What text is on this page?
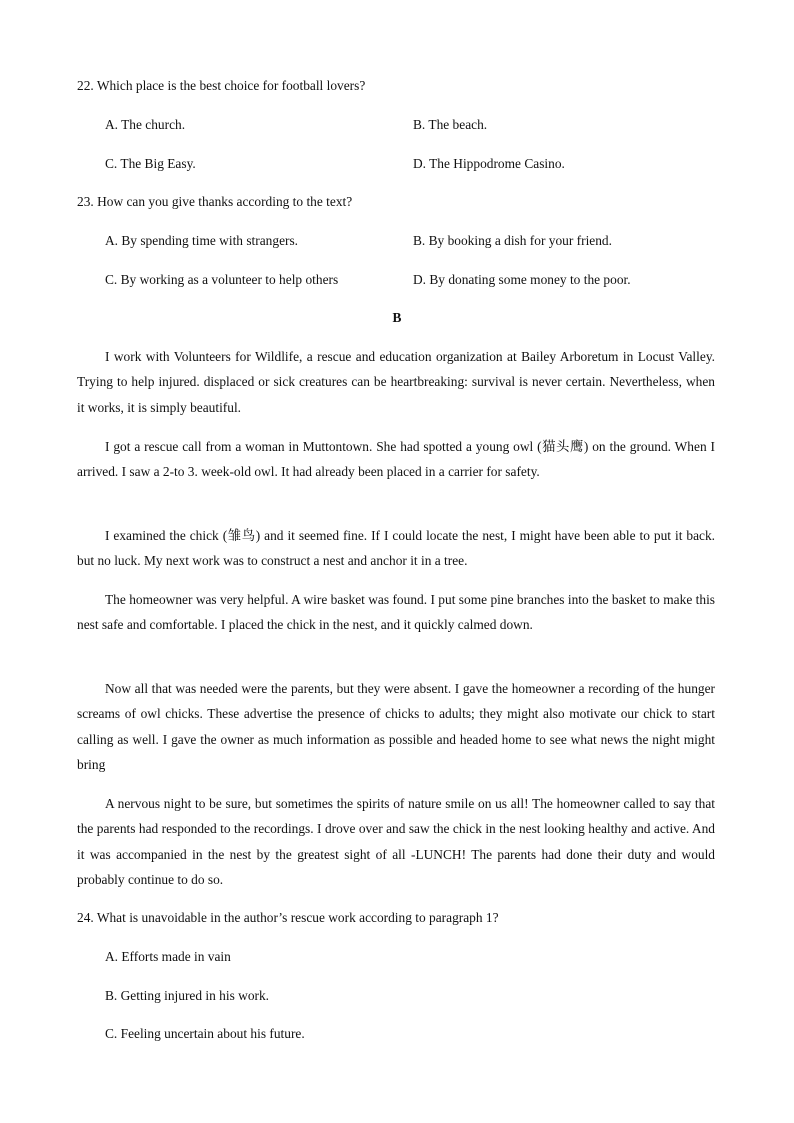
22. Which place is the best choice for football lovers?
A. The church.	B. The beach.
C. The Big Easy.	D. The Hippodrome Casino.
23. How can you give thanks according to the text?
A. By spending time with strangers.	B. By booking a dish for your friend.
C. By working as a volunteer to help others	D. By donating some money to the poor.
B
I work with Volunteers for Wildlife, a rescue and education organization at Bailey Arboretum in Locust Valley. Trying to help injured. displaced or sick creatures can be heartbreaking: survival is never certain. Nevertheless, when it works, it is simply beautiful.
I got a rescue call from a woman in Muttontown. She had spotted a young owl (猫头鹰) on the ground. When I arrived. I saw a 2-to 3. week-old owl. It had already been placed in a carrier for safety.
I examined the chick (雏鸟) and it seemed fine. If I could locate the nest, I might have been able to put it back. but no luck. My next work was to construct a nest and anchor it in a tree.
The homeowner was very helpful. A wire basket was found. I put some pine branches into the basket to make this nest safe and comfortable. I placed the chick in the nest, and it quickly calmed down.
Now all that was needed were the parents, but they were absent. I gave the homeowner a recording of the hunger screams of owl chicks. These advertise the presence of chicks to adults; they might also motivate our chick to start calling as well. I gave the owner as much information as possible and headed home to see what news the night might bring
A nervous night to be sure, but sometimes the spirits of nature smile on us all! The homeowner called to say that the parents had responded to the recordings. I drove over and saw the chick in the nest looking healthy and active. And it was accompanied in the nest by the greatest sight of all -LUNCH! The parents had done their duty and would probably continue to do so.
24. What is unavoidable in the author’s rescue work according to paragraph 1?
A. Efforts made in vain
B. Getting injured in his work.
C. Feeling uncertain about his future.
